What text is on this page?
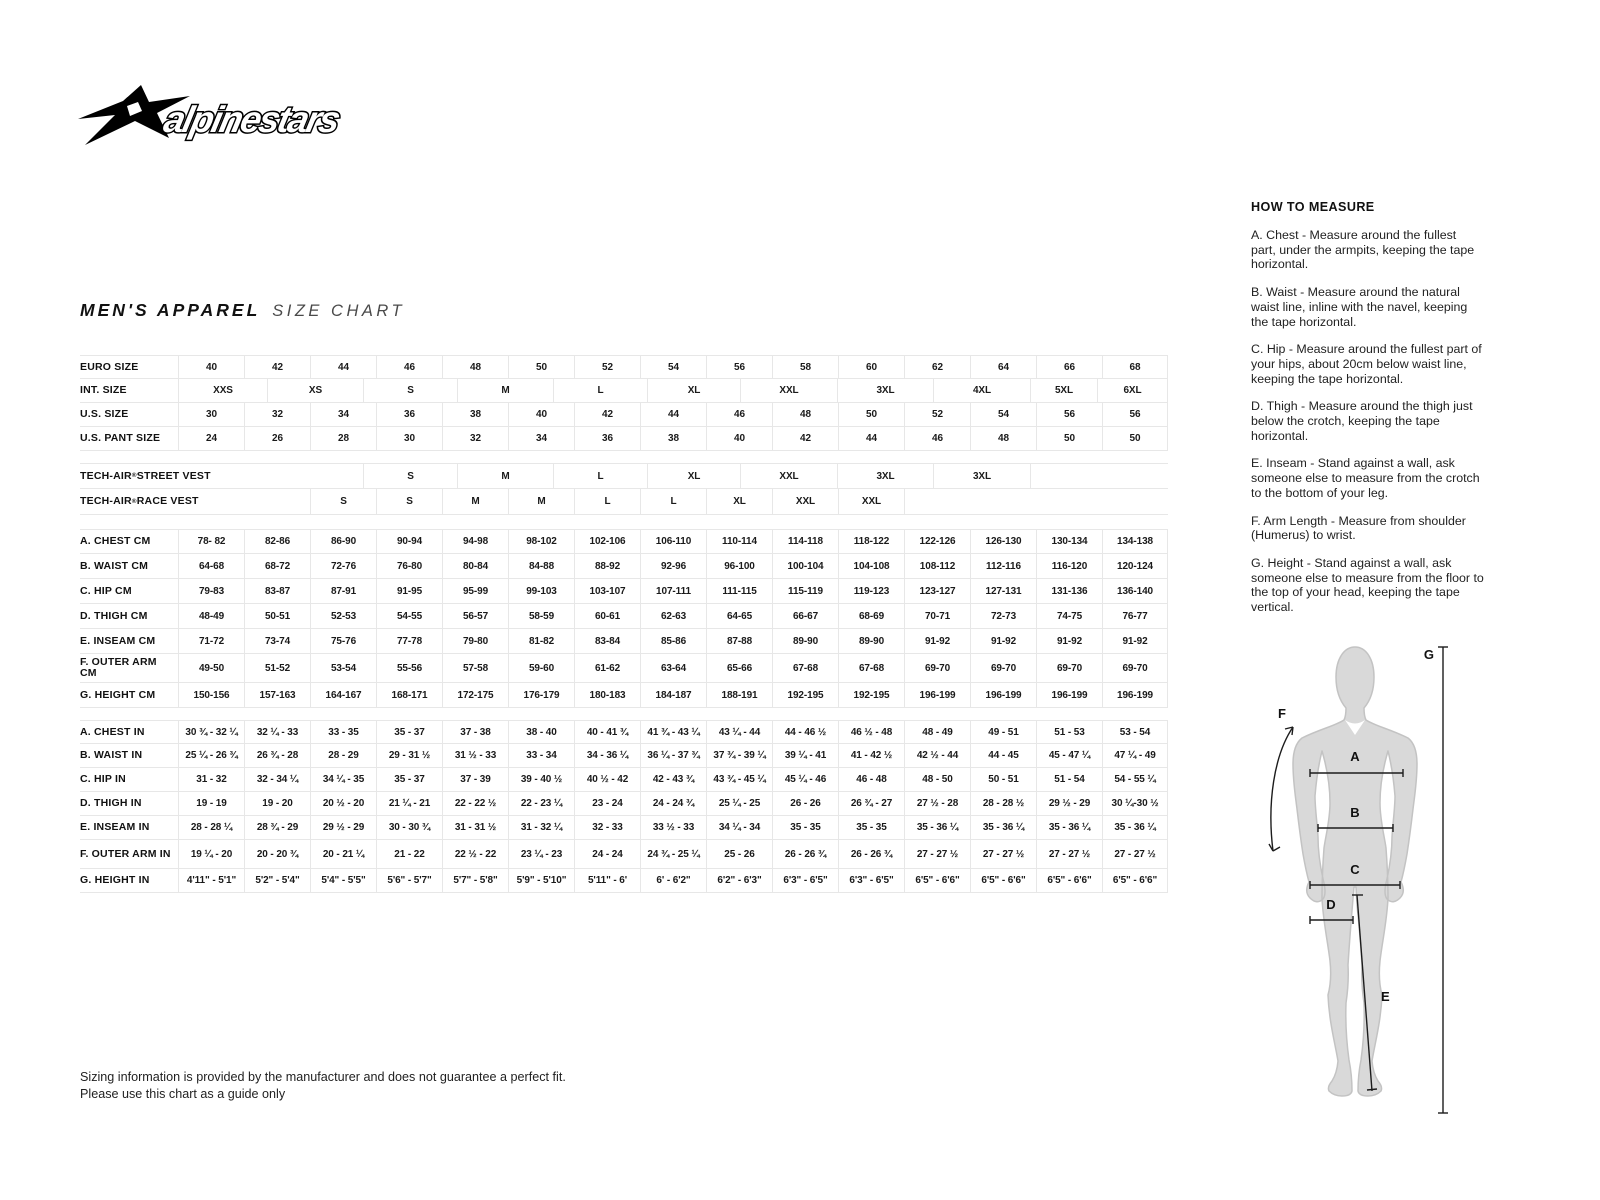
alpinestars
MEN'S APPAREL SIZE CHART
EURO SIZE	40	42	44	46	48	50	52	54	56	58	60	62	64	66	68
INT. SIZE	XXS	XS	S	M	L	XL	XXL	3XL	4XL	5XL	6XL
U.S. SIZE	30	32	34	36	38	40	42	44	46	48	50	52	54	56	56
U.S. PANT SIZE	24	26	28	30	32	34	36	38	40	42	44	46	48	50	50
TECH-AIR ® STREET VEST	S	M	L	XL	XXL	3XL	3XL
TECH-AIR ® RACE VEST	S	S	M	M	L	L	XL	XXL	XXL
A. CHEST CM	78- 82	82-86	86-90	90-94	94-98	98-102	102-106	106-110	110-114	114-118	118-122	122-126	126-130	130-134	134-138
B. WAIST CM	64-68	68-72	72-76	76-80	80-84	84-88	88-92	92-96	96-100	100-104	104-108	108-112	112-116	116-120	120-124
C. HIP CM	79-83	83-87	87-91	91-95	95-99	99-103	103-107	107-111	111-115	115-119	119-123	123-127	127-131	131-136	136-140
D. THIGH CM	48-49	50-51	52-53	54-55	56-57	58-59	60-61	62-63	64-65	66-67	68-69	70-71	72-73	74-75	76-77
E. INSEAM CM	71-72	73-74	75-76	77-78	79-80	81-82	83-84	85-86	87-88	89-90	89-90	91-92	91-92	91-92	91-92
F. OUTER ARM CM	49-50	51-52	53-54	55-56	57-58	59-60	61-62	63-64	65-66	67-68	67-68	69-70	69-70	69-70	69-70
G. HEIGHT CM	150-156	157-163	164-167	168-171	172-175	176-179	180-183	184-187	188-191	192-195	192-195	196-199	196-199	196-199	196-199
A. CHEST IN	30 ¾ - 32 ¼	32 ¼ - 33	33 - 35	35 - 37	37 - 38	38 - 40	40 - 41 ¾	41 ¾ - 43 ¼	43 ¼ - 44	44 - 46 ½	46 ½ - 48	48 - 49	49 - 51	51 - 53	53 - 54
B. WAIST IN	25 ¼ - 26 ¾	26 ¾ - 28	28 - 29	29 - 31 ½	31 ½ - 33	33 - 34	34 - 36 ¼	36 ¼ - 37 ¾	37 ¾ - 39 ¼	39 ¼ - 41	41 - 42 ½	42 ½ - 44	44 - 45	45 - 47 ¼	47 ¼ - 49
C. HIP IN	31 - 32	32 - 34 ¼	34 ¼ - 35	35 - 37	37 - 39	39 - 40 ½	40 ½ - 42	42 - 43 ¾	43 ¾ - 45 ¼	45 ¼ - 46	46 - 48	48 - 50	50 - 51	51 - 54	54 - 55 ¼
D. THIGH IN	19 - 19	19 - 20	20 ½ - 20	21 ¼ - 21	22 - 22 ½	22 - 23 ¼	23 - 24	24 - 24 ¾	25 ¼ - 25	26 - 26	26 ¾ - 27	27 ½ - 28	28 - 28 ½	29 ½ - 29	30 ¼-30 ½
E. INSEAM IN	28 - 28 ¼	28 ¾ - 29	29 ½ - 29	30 - 30 ¾	31 - 31 ½	31 - 32 ¼	32 - 33	33 ½ - 33	34 ¼ - 34	35 - 35	35 - 35	35 - 36 ¼	35 - 36 ¼	35 - 36 ¼	35 - 36 ¼
F. OUTER ARM IN	19 ¼ - 20	20 - 20 ¾	20 - 21 ¼	21 - 22	22 ½ - 22	23 ¼ - 23	24 - 24	24 ¾ - 25 ¼	25 - 26	26 - 26 ¾	26 - 26 ¾	27 - 27 ½	27 - 27 ½	27 - 27 ½	27 - 27 ½
G. HEIGHT IN	4'11" - 5'1"	5'2" - 5'4"	5'4" - 5'5"	5'6" - 5'7"	5'7" - 5'8"	5'9" - 5'10"	5'11" - 6'	6' - 6'2"	6'2" - 6'3"	6'3" - 6'5"	6'3" - 6'5"	6'5" - 6'6"	6'5" - 6'6"	6'5" - 6'6"	6'5" - 6'6"
HOW TO MEASURE

A. Chest - Measure around the fullest part, under the armpits, keeping the tape horizontal.

B. Waist - Measure around the natural waist line, inline with the navel, keeping the tape horizontal.

C. Hip - Measure around the fullest part of your hips, about 20cm below waist line, keeping the tape horizontal.

D. Thigh - Measure around the thigh just below the crotch, keeping the tape horizontal.

E. Inseam - Stand against a wall, ask someone else to measure from the crotch to the bottom of your leg.

F. Arm Length - Measure from shoulder (Humerus) to wrist.

G. Height - Stand against a wall, ask someone else to measure from the floor to the top of your head, keeping the tape vertical.

A
B
C
D
E
F
G
Sizing information is provided by the manufacturer and does not guarantee a perfect fit.
Please use this chart as a guide only
